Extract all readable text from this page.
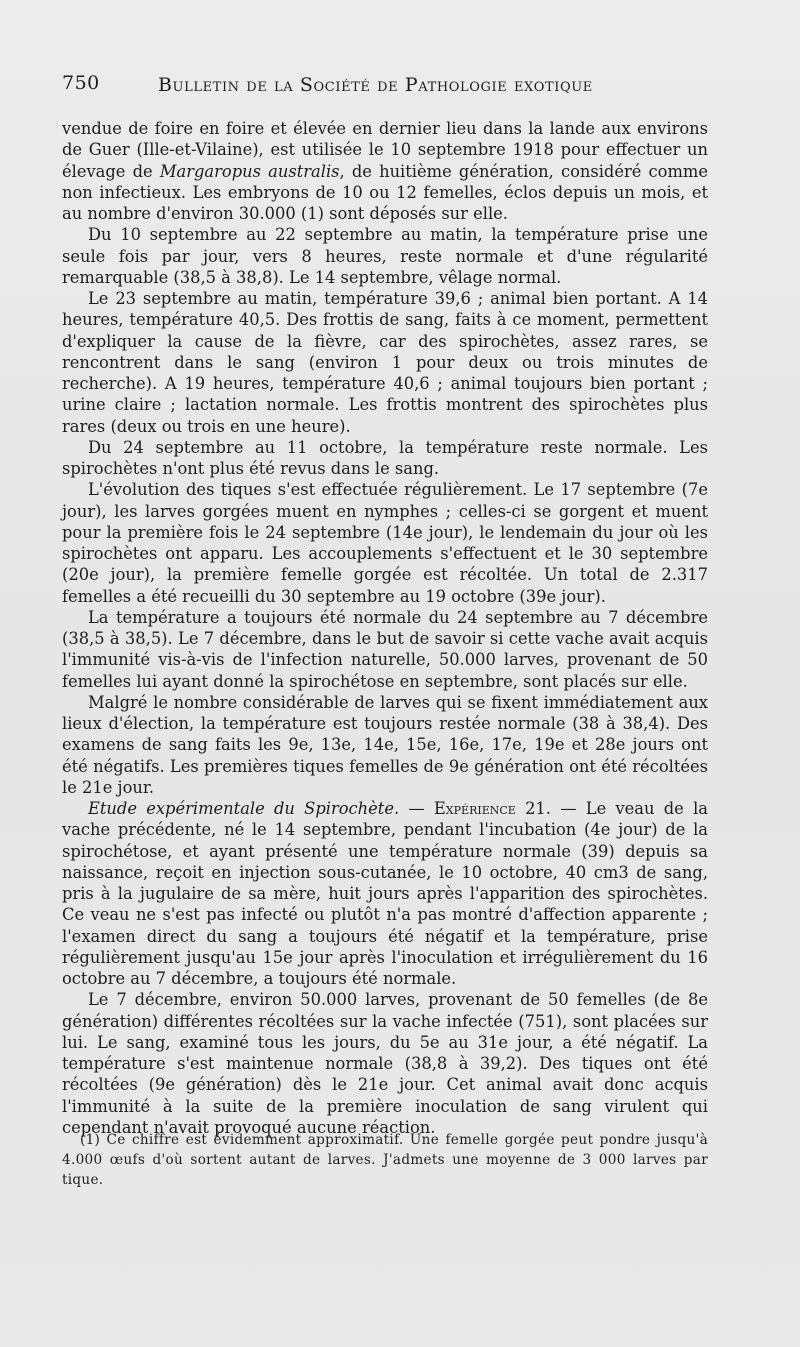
750	Bulletin de la Société de Pathologie exotique

vendue de foire en foire et élevée en dernier lieu dans la lande aux environs de Guer (Ille-et-Vilaine), est utilisée le 10 septembre 1918 pour effectuer un élevage de Margaropus australis, de huitième génération, considéré comme non infectieux. Les embryons de 10 ou 12 femelles, éclos depuis un mois, et au nombre d'environ 30.000 (1) sont déposés sur elle.

Du 10 septembre au 22 septembre au matin, la température prise une seule fois par jour, vers 8 heures, reste normale et d'une régularité remarquable (38,5 à 38,8). Le 14 septembre, vêlage normal.

Le 23 septembre au matin, température 39,6 ; animal bien portant. A 14 heures, température 40,5. Des frottis de sang, faits à ce moment, permettent d'expliquer la cause de la fièvre, car des spirochètes, assez rares, se rencontrent dans le sang (environ 1 pour deux ou trois minutes de recherche). A 19 heures, température 40,6 ; animal toujours bien portant ; urine claire ; lactation normale. Les frottis montrent des spirochètes plus rares (deux ou trois en une heure).

Du 24 septembre au 11 octobre, la température reste normale. Les spirochètes n'ont plus été revus dans le sang.

L'évolution des tiques s'est effectuée régulièrement. Le 17 septembre (7e jour), les larves gorgées muent en nymphes ; celles-ci se gorgent et muent pour la première fois le 24 septembre (14e jour), le lendemain du jour où les spirochètes ont apparu. Les accouplements s'effectuent et le 30 septembre (20e jour), la première femelle gorgée est récoltée. Un total de 2.317 femelles a été recueilli du 30 septembre au 19 octobre (39e jour).

La température a toujours été normale du 24 septembre au 7 décembre (38,5 à 38,5). Le 7 décembre, dans le but de savoir si cette vache avait acquis l'immunité vis-à-vis de l'infection naturelle, 50.000 larves, provenant de 50 femelles lui ayant donné la spirochétose en septembre, sont placés sur elle.

Malgré le nombre considérable de larves qui se fixent immédiatement aux lieux d'élection, la température est toujours restée normale (38 à 38,4). Des examens de sang faits les 9e, 13e, 14e, 15e, 16e, 17e, 19e et 28e jours ont été négatifs. Les premières tiques femelles de 9e génération ont été récoltées le 21e jour.

Etude expérimentale du Spirochète. — Expérience 21. — Le veau de la vache précédente, né le 14 septembre, pendant l'incubation (4e jour) de la spirochétose, et ayant présenté une température normale (39) depuis sa naissance, reçoit en injection sous-cutanée, le 10 octobre, 40 cm3 de sang, pris à la jugulaire de sa mère, huit jours après l'apparition des spirochètes. Ce veau ne s'est pas infecté ou plutôt n'a pas montré d'affection apparente ; l'examen direct du sang a toujours été négatif et la température, prise régulièrement jusqu'au 15e jour après l'inoculation et irrégulièrement du 16 octobre au 7 décembre, a toujours été normale.

Le 7 décembre, environ 50.000 larves, provenant de 50 femelles (de 8e génération) différentes récoltées sur la vache infectée (751), sont placées sur lui. Le sang, examiné tous les jours, du 5e au 31e jour, a été négatif. La température s'est maintenue normale (38,8 à 39,2). Des tiques ont été récoltées (9e génération) dès le 21e jour. Cet animal avait donc acquis l'immunité à la suite de la première inoculation de sang virulent qui cependant n'avait provoqué aucune réaction.

(1) Ce chiffre est évidemment approximatif. Une femelle gorgée peut pondre jusqu'à 4.000 œufs d'où sortent autant de larves. J'admets une moyenne de 3 000 larves par tique.
